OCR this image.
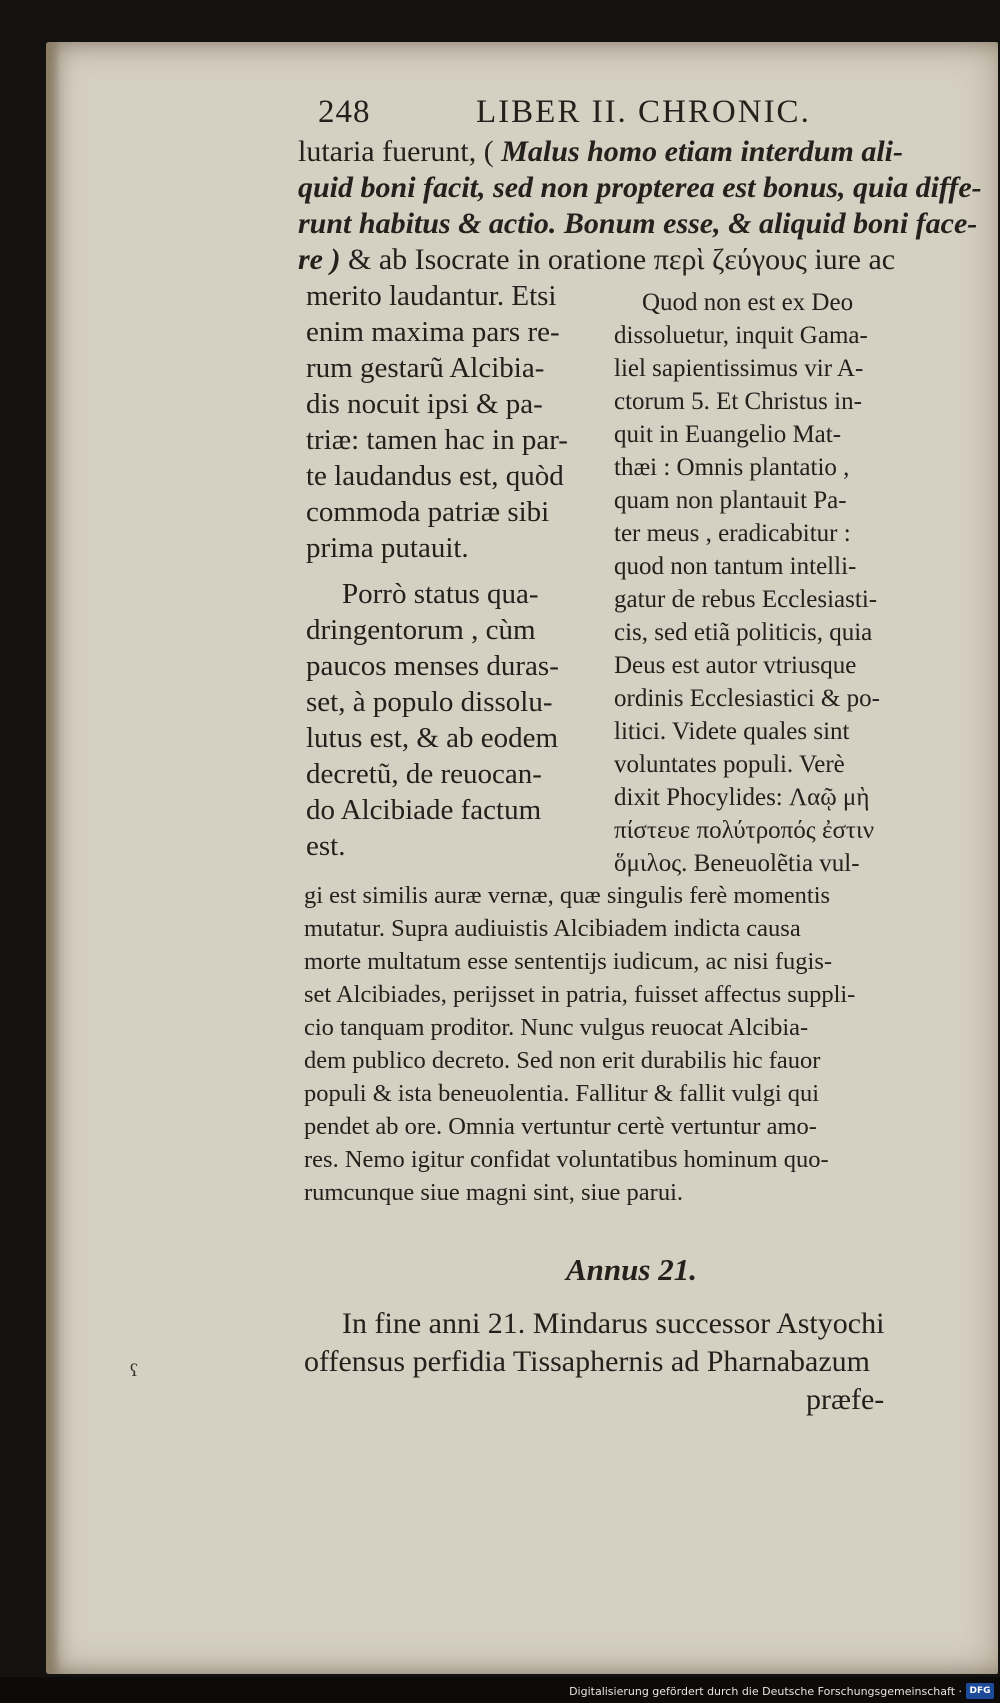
248	LIBER II. CHRONIC.
lutaria fuerunt, ( Malus homo etiam interdum ali-
quid boni facit, sed non propterea est bonus, quia diffe-
runt habitus & actio. Bonum esse, & aliquid boni face-
re ) & ab Isocrate in oratione περὶ ζεύγους iure ac
merito laudantur. Etsi
enim maxima pars re-
rum gestarũ Alcibia-
dis nocuit ipsi & pa-
triæ: tamen hac in par-
te laudandus est, quòd
commoda patriæ sibi
prima putauit.
Porrò status qua-
dringentorum , cùm
paucos menses duras-
set, à populo dissolu-
lutus est, & ab eodem
decretũ, de reuocan-
do Alcibiade factum
est.
Quod non est ex Deo
dissoluetur, inquit Gama-
liel sapientissimus vir A-
ctorum 5. Et Christus in-
quit in Euangelio Mat-
thæi : Omnis plantatio ,
quam non plantauit Pa-
ter meus , eradicabitur :
quod non tantum intelli-
gatur de rebus Ecclesiasti-
cis, sed etiã politicis, quia
Deus est autor vtriusque
ordinis Ecclesiastici & po-
litici. Videte quales sint
voluntates populi. Verè
dixit Phocylides: Λαῷ μὴ
πίστευε πολύτροπός ἐστιν
ὅμιλος. Beneuolẽtia vul-
gi est similis auræ vernæ, quæ singulis ferè momentis
mutatur. Supra audiuistis Alcibiadem indicta causa
morte multatum esse sententijs iudicum, ac nisi fugis-
set Alcibiades, perijsset in patria, fuisset affectus suppli-
cio tanquam proditor. Nunc vulgus reuocat Alcibia-
dem publico decreto. Sed non erit durabilis hic fauor
populi & ista beneuolentia. Fallitur & fallit vulgi qui
pendet ab ore. Omnia vertuntur certè vertuntur amo-
res. Nemo igitur confidat voluntatibus hominum quo-
rumcunque siue magni sint, siue parui.
Annus 21.
In fine anni 21. Mindarus successor Astyochi
offensus perfidia Tissaphernis ad Pharnabazum
præfe-
ʕ
Digitalisierung gefördert durch die Deutsche Forschungsgemeinschaft · DFG
